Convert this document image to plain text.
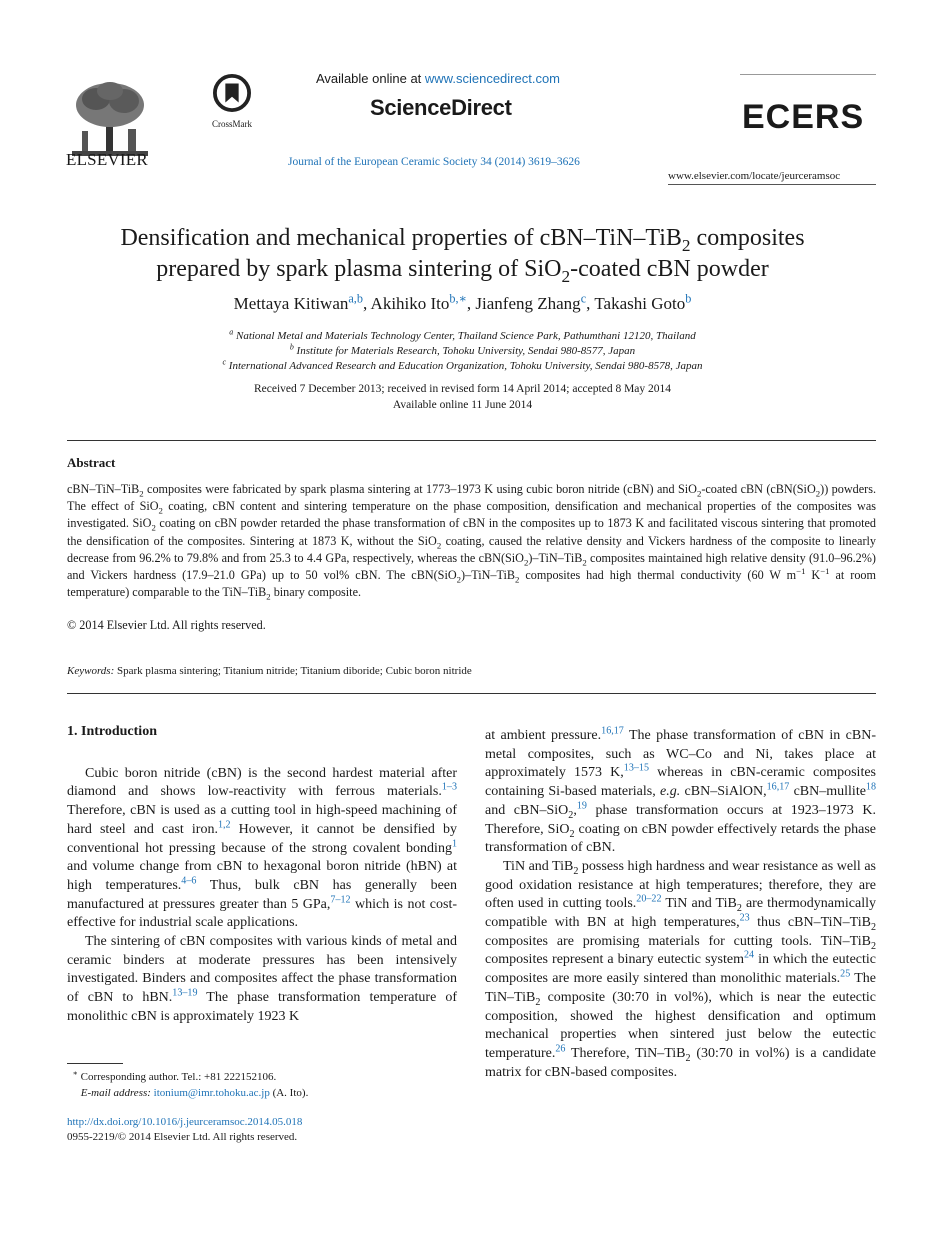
ELSEVIER
CrossMark
Available online at www.sciencedirect.com
ScienceDirect
Journal of the European Ceramic Society 34 (2014) 3619–3626
ECERS
www.elsevier.com/locate/jeurceramsoc
Densification and mechanical properties of cBN–TiN–TiB$_2$ composites
prepared by spark plasma sintering of SiO$_2$-coated cBN powder
Mettaya Kitiwan$^{a,b}$, Akihiko Ito$^{b,∗}$, Jianfeng Zhang$^c$, Takashi Goto$^b$
$^a$ National Metal and Materials Technology Center, Thailand Science Park, Pathumthani 12120, Thailand
$^b$ Institute for Materials Research, Tohoku University, Sendai 980-8577, Japan
$^c$ International Advanced Research and Education Organization, Tohoku University, Sendai 980-8578, Japan
Received 7 December 2013; received in revised form 14 April 2014; accepted 8 May 2014
Available online 11 June 2014
Abstract
cBN–TiN–TiB$_2$ composites were fabricated by spark plasma sintering at 1773–1973 K using cubic boron nitride (cBN) and SiO$_2$-coated cBN (cBN(SiO$_2$)) powders. The effect of SiO$_2$ coating, cBN content and sintering temperature on the phase composition, densification and mechanical properties of the composites was investigated. SiO$_2$ coating on cBN powder retarded the phase transformation of cBN in the composites up to 1873 K and facilitated viscous sintering that promoted the densification of the composites. Sintering at 1873 K, without the SiO$_2$ coating, caused the relative density and Vickers hardness of the composite to linearly decrease from 96.2% to 79.8% and from 25.3 to 4.4 GPa, respectively, whereas the cBN(SiO$_2$)–TiN–TiB$_2$ composites maintained high relative density (91.0–96.2%) and Vickers hardness (17.9–21.0 GPa) up to 50 vol% cBN. The cBN(SiO$_2$)–TiN–TiB$_2$ composites had high thermal conductivity (60 W $m^{-1}$ $K^{-1}$ at room temperature) comparable to the TiN–TiB$_2$ binary composite.
© 2014 Elsevier Ltd. All rights reserved.
Keywords: Spark plasma sintering; Titanium nitride; Titanium diboride; Cubic boron nitride
1. Introduction

Cubic boron nitride (cBN) is the second hardest material after diamond and shows low-reactivity with ferrous materials.$^{1-3}$ Therefore, cBN is used as a cutting tool in high-speed machining of hard steel and cast iron.$^{1,2}$ However, it cannot be densified by conventional hot pressing because of the strong covalent bonding$^1$ and volume change from cBN to hexagonal boron nitride (hBN) at high temperatures.$^{4-6}$ Thus, bulk cBN has generally been manufactured at pressures greater than 5 GPa,$^{7-12}$ which is not cost-effective for industrial scale applications.

The sintering of cBN composites with various kinds of metal and ceramic binders at moderate pressures has been intensively investigated. Binders and composites affect the phase transformation of cBN to hBN.$^{13-19}$ The phase transformation temperature of monolithic cBN is approximately 1923 K

at ambient pressure.$^{16,17}$ The phase transformation of cBN in cBN-metal composites, such as WC–Co and Ni, takes place at approximately 1573 K,$^{13-15}$ whereas in cBN-ceramic composites containing Si-based materials, e.g. cBN–SiAlON,$^{16,17}$ cBN–mullite$^{18}$ and cBN–SiO$_2$,$^{19}$ phase transformation occurs at 1923–1973 K. Therefore, SiO$_2$ coating on cBN powder effectively retards the phase transformation of cBN.

TiN and TiB$_2$ possess high hardness and wear resistance as well as good oxidation resistance at high temperatures; therefore, they are often used in cutting tools.$^{20-22}$ TiN and TiB$_2$ are thermodynamically compatible with BN at high temperatures,$^{23}$ thus cBN–TiN–TiB$_2$ composites are promising materials for cutting tools. TiN–TiB$_2$ composites represent a binary eutectic system$^{24}$ in which the eutectic composites are more easily sintered than monolithic materials.$^{25}$ The TiN–TiB$_2$ composite (30:70 in vol%), which is near the eutectic composition, showed the highest densification and optimum mechanical properties when sintered just below the eutectic temperature.$^{26}$ Therefore, TiN–TiB$_2$ (30:70 in vol%) is a candidate matrix for cBN-based composites.

∗ Corresponding author. Tel.: +81 222152106.
E-mail address: itonium@imr.tohoku.ac.jp (A. Ito).
http://dx.doi.org/10.1016/j.jeurceramsoc.2014.05.018
0955-2219/© 2014 Elsevier Ltd. All rights reserved.
